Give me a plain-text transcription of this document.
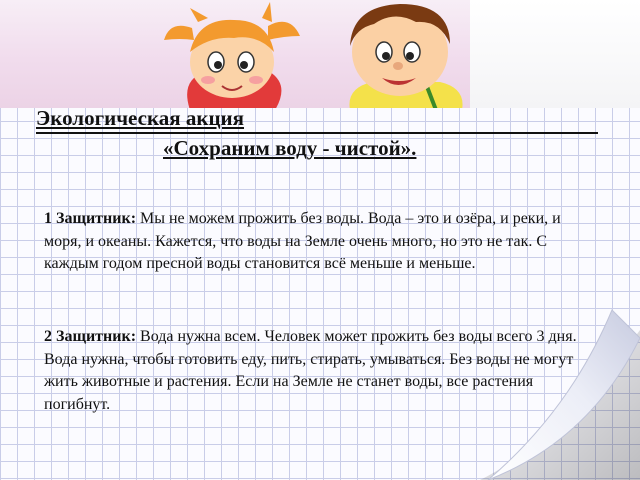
Экологическая акция
«Сохраним воду - чистой».

1 Защитник: Мы не можем прожить без воды. Вода – это и озёра, и реки, и моря, и океаны. Кажется, что воды на Земле очень много, но это не так. С каждым годом пресной воды становится всё меньше и меньше.

2 Защитник: Вода нужна всем. Человек может прожить без воды всего 3 дня. Вода нужна, чтобы готовить еду, пить, стирать, умываться. Без воды не могут жить животные и растения. Если на Земле не станет воды, все растения погибнут.
